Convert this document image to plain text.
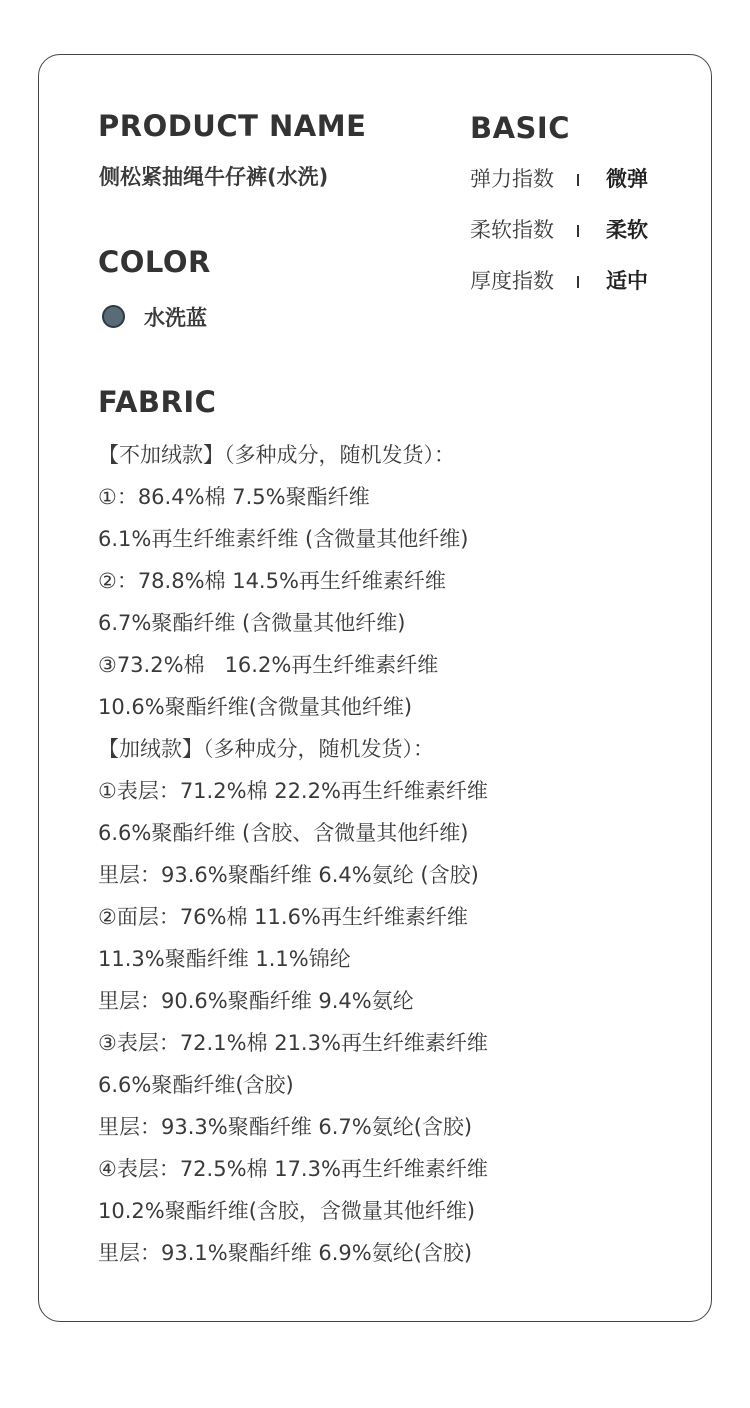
PRODUCT NAME
侧松紧抽绳牛仔裤(水洗)
BASIC
弹力指数 微弹
柔软指数 柔软
厚度指数 适中
COLOR
水洗蓝
FABRIC
【不加绒款】（多种成分，随机发货）：
①：86.4%棉 7.5%聚酯纤维
6.1%再生纤维素纤维 (含微量其他纤维)
②：78.8%棉 14.5%再生纤维素纤维
6.7%聚酯纤维 (含微量其他纤维)
③73.2%棉   16.2%再生纤维素纤维
10.6%聚酯纤维(含微量其他纤维)
【加绒款】（多种成分，随机发货）：
①表层：71.2%棉 22.2%再生纤维素纤维
6.6%聚酯纤维 (含胶、含微量其他纤维)
里层：93.6%聚酯纤维 6.4%氨纶 (含胶)
②面层：76%棉 11.6%再生纤维素纤维
11.3%聚酯纤维 1.1%锦纶
里层：90.6%聚酯纤维 9.4%氨纶
③表层：72.1%棉 21.3%再生纤维素纤维
6.6%聚酯纤维(含胶)
里层：93.3%聚酯纤维 6.7%氨纶(含胶)
④表层：72.5%棉 17.3%再生纤维素纤维
10.2%聚酯纤维(含胶，含微量其他纤维)
里层：93.1%聚酯纤维 6.9%氨纶(含胶)
